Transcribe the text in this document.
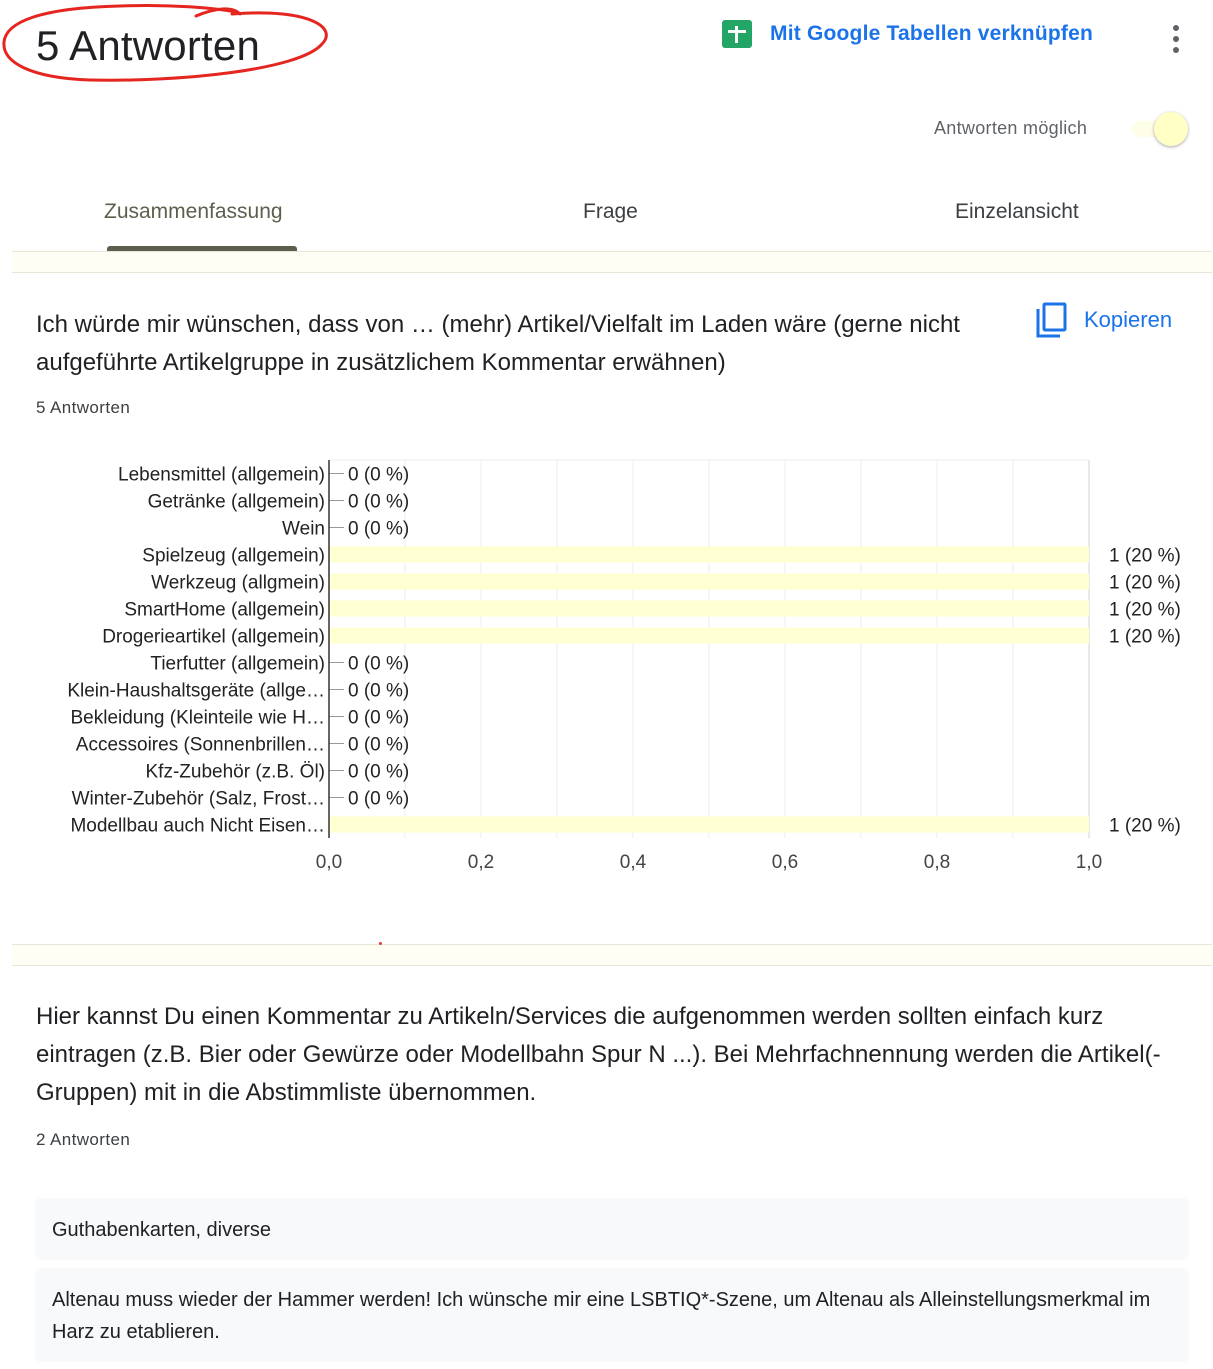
5 Antworten	Mit Google Tabellen verknüpfen
Antworten möglich
Zusammenfassung	Frage	Einzelansicht
Ich würde mir wünschen, dass von … (mehr) Artikel/Vielfalt im Laden wäre (gerne nicht aufgeführte Artikelgruppe in zusätzlichem Kommentar erwähnen)
Kopieren
5 Antworten
Lebensmittel (allgemein) 0 (0 %)
Getränke (allgemein) 0 (0 %)
Wein 0 (0 %)
Spielzeug (allgemein)	1 (20 %)
Werkzeug (allgmein)	1 (20 %)
SmartHome (allgemein)	1 (20 %)
Drogerieartikel (allgemein)	1 (20 %)
Tierfutter (allgemein) 0 (0 %)
Klein-Haushaltsgeräte (allge… 0 (0 %)
Bekleidung (Kleinteile wie H… 0 (0 %)
Accessoires (Sonnenbrillen… 0 (0 %)
Kfz-Zubehör (z.B. Öl) 0 (0 %)
Winter-Zubehör (Salz, Frost… 0 (0 %)
Modellbau auch Nicht Eisen…	1 (20 %)
0,0	0,2	0,4	0,6	0,8	1,0
Hier kannst Du einen Kommentar zu Artikeln/Services die aufgenommen werden sollten einfach kurz eintragen (z.B. Bier oder Gewürze oder Modellbahn Spur N ...). Bei Mehrfachnennung werden die Artikel(-Gruppen) mit in die Abstimmliste übernommen.
2 Antworten
Guthabenkarten, diverse
Altenau muss wieder der Hammer werden! Ich wünsche mir eine LSBTIQ*-Szene, um Altenau als Alleinstellungsmerkmal im Harz zu etablieren.
